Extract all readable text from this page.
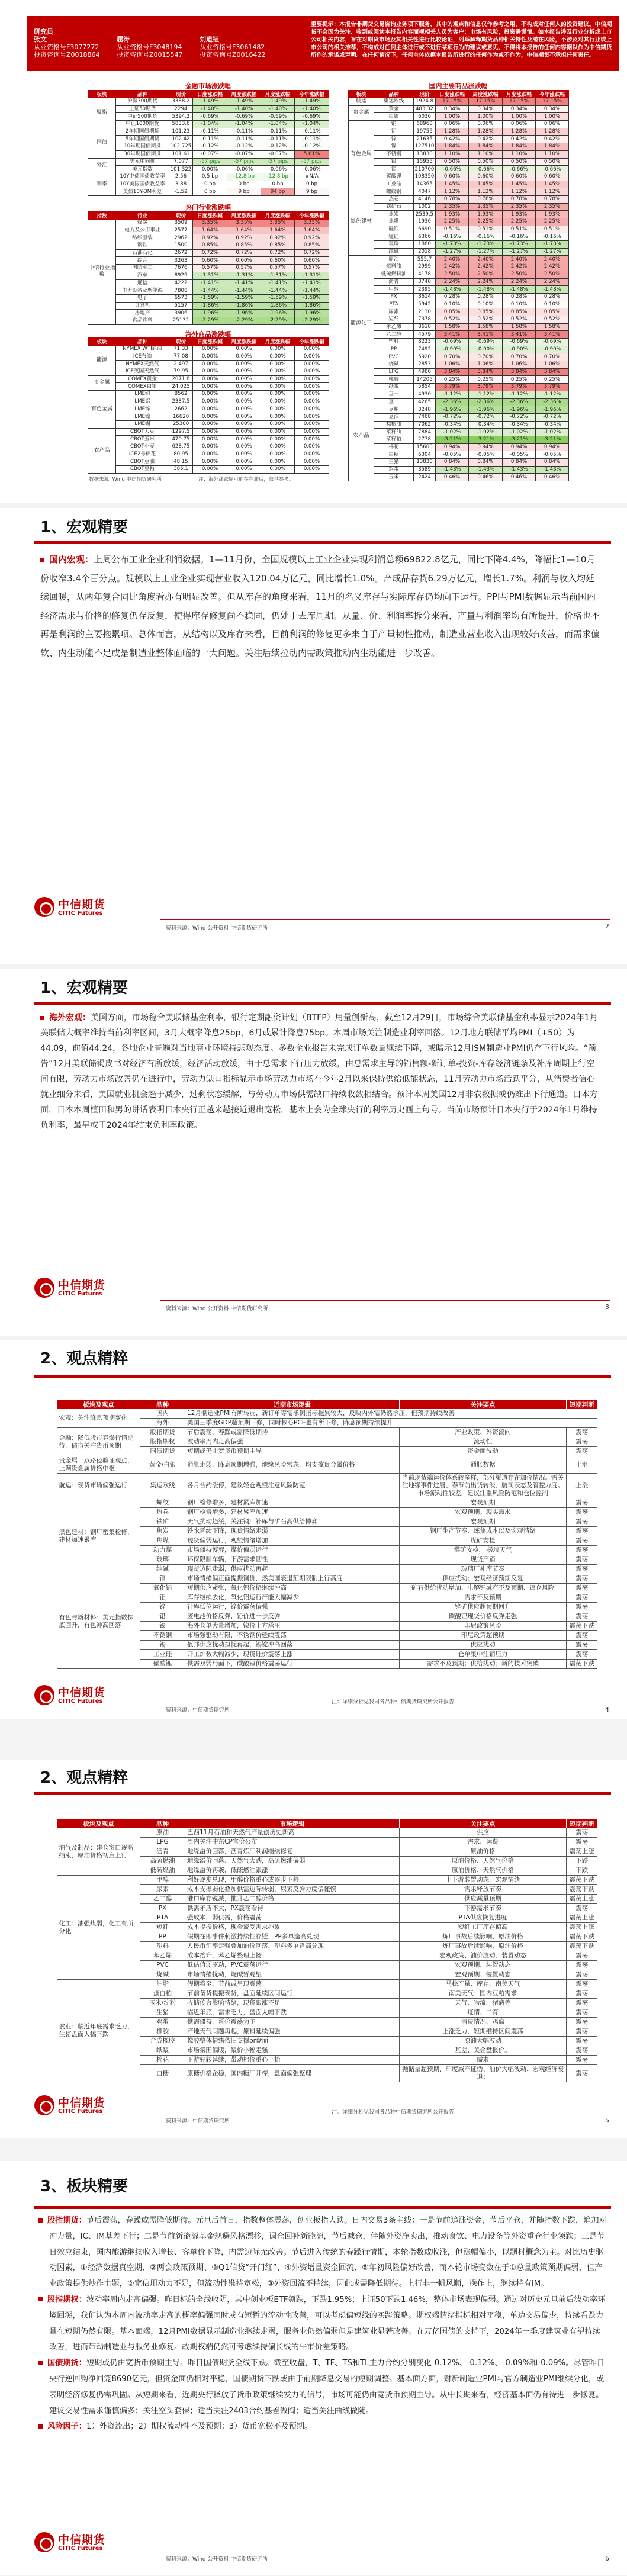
研究员
张文
从业资格号F3077272
投资咨询号Z0018864
屈涛
从业资格号F3048194
投资咨询号Z0015547
刘道钰
从业资格号F3061482
投资咨询号Z0016422
重要提示：本报告非期货交易咨询业务项下服务，其中的观点和信息仅作参考之用，不构成对任何人的投资建议。中信期货不会因为关注、收到或阅读本报告内容而视相关人员为客户；市场有风险，投资需谨慎。如本报告涉及行业分析或上市公司相关内容，旨在对期货市场及其相关性进行比较论证，列举解释期货品种相关特性及潜在风险，不涉及对其行业或上市公司的相关推荐，不构成对任何主体进行或不进行某项行为的建议或意见，不得将本报告的任何内容据以作为中信期货所作的承诺或声明。在任何情况下，任何主体依据本报告所进行的任何作为或不作为，中信期货不承担任何责任。
金融市场涨跌幅
板块	品种	现价	日度涨跌幅	周度涨跌幅	月度涨跌幅	今年涨跌幅
股指	沪深300期货	3388.2	-1.49%	-1.49%	-1.49%	-1.49%
	上证50期货	2294	-1.40%	-1.40%	-1.40%	-1.40%
	中证500期货	5394.2	-0.69%	-0.69%	-0.69%	-0.69%
	中证1000期货	5833.6	-1.04%	-1.04%	-1.04%	-1.04%
国债	2年期国债期货	101.23	-0.11%	-0.11%	-0.11%	-0.11%
	5年期国债期货	102.42	-0.11%	-0.11%	-0.11%	-0.11%
	10年期国债期货	102.725	-0.12%	-0.12%	-0.12%	-0.12%
	30年期国债期货	101.61	-0.07%	-0.07%	-0.07%	5.61%
外汇	美元中间价	7.077	-57 pips	-57 pips	-57 pips	-57 pips
	美元指数	101.322	0.00%	-0.06%	-0.06%	-0.06%
利率	10Y中债国债收益率	2.56	0.5 bp	-12.8 bp	-12.8 bp	#N/A
	10Y美国国债收益率	3.88	0 bp	0 bp	0 bp	0 bp
	美债10Y-3M利差	-1.52	0 bp	9 bp	94 bp	9 bp
热门行业涨跌幅
指数	行业	现价	日度涨跌幅	周度涨跌幅	月度涨跌幅	今年涨跌幅
中信行业指数	煤炭	3509	3.35%	3.35%	3.35%	3.35%
	电力及公用事业	2577	1.64%	1.64%	1.64%	1.64%
	纺织服装	2962	0.92%	0.92%	0.92%	0.92%
	钢铁	1500	0.85%	0.85%	0.85%	0.85%
	石油石化	2672	0.72%	0.72%	0.72%	0.72%
	综合	3263	0.60%	0.60%	0.60%	0.60%
	国防军工	7676	0.57%	0.57%	0.57%	0.57%
	汽车	8929	-1.31%	-1.31%	-1.31%	-1.31%
	通信	4222	-1.41%	-1.41%	-1.41%	-1.41%
	电力设备及新能源	7808	-1.44%	-1.44%	-1.44%	-1.44%
	电子	6573	-1.59%	-1.59%	-1.59%	-1.59%
	计算机	5157	-1.86%	-1.86%	-1.86%	-1.86%
	房地产	3906	-1.96%	-1.96%	-1.96%	-1.96%
	食品饮料	25132	-2.29%	-2.29%	-2.29%	-2.29%
海外商品涨跌幅
板块	品种	现价	日度涨跌幅	周度涨跌幅	月度涨跌幅	今年涨跌幅
能源	NYMEX WTI原油	71.33	0.00%	0.00%	0.00%	0.00%
	ICE布油	77.08	0.00%	0.00%	0.00%	0.00%
	NYMEX天然气	2.497	0.00%	0.00%	0.00%	0.00%
	ICE英国天然气	79.95	0.00%	0.00%	0.00%	0.00%
贵金属	COMEX黄金	2071.8	0.00%	0.00%	0.00%	0.00%
	COMEX白银	24.025	0.00%	0.00%	0.00%	0.00%
有色金属	LME铜	8562	0.00%	0.00%	0.00%	0.00%
	LME铝	2387.5	0.00%	0.00%	0.00%	0.00%
	LME锌	2662	0.00%	0.00%	0.00%	0.00%
	LME镍	16620	0.00%	0.00%	0.00%	0.00%
	LME锡	25300	0.00%	0.00%	0.00%	0.00%
农产品	CBOT大豆	1297.5	0.00%	0.00%	0.00%	0.00%
	CBOT玉米	470.75	0.00%	0.00%	0.00%	0.00%
	CBOT小麦	628.75	0.00%	0.00%	0.00%	0.00%
	ICE2号棉花	80.95	0.00%	0.00%	0.00%	0.00%
	CBOT豆油	48.15	0.00%	0.00%	0.00%	0.00%
	CBOT豆粕	386.1	0.00%	0.00%	0.00%	0.00%
数据来源: Wind 中信期货研究所	注：海外涨跌幅可能存在滞后，仅供参考。
国内主要商品涨跌幅
板块	品种	现价	日度涨跌幅	周度涨跌幅	月度涨跌幅	今年涨跌幅
航运	集运欧线	1924.8	17.15%	17.15%	17.15%	17.15%
贵金属	黄金	483.32	0.34%	0.34%	0.34%	0.34%
	白银	6036	1.00%	1.00%	1.00%	1.00%
有色金属	铜	68960	0.06%	0.06%	0.06%	0.06%
	铝	19755	1.28%	1.28%	1.28%	1.28%
	锌	21635	0.42%	0.42%	0.42%	0.42%
	镍	127510	1.84%	1.84%	1.84%	1.84%
	不锈钢	13830	1.10%	1.10%	1.10%	1.10%
	铅	15955	0.50%	0.50%	0.50%	0.50%
	锡	210700	-0.66%	-0.66%	-0.66%	-0.66%
	碳酸锂	108350	0.60%	0.60%	0.60%	0.60%
	工业硅	14365	1.45%	1.45%	1.45%	1.45%
黑色建材	螺纹钢	4047	1.12%	1.12%	1.12%	1.12%
	热卷	4146	0.78%	0.78%	0.78%	0.78%
	铁矿石	1002	2.35%	2.35%	2.35%	2.35%
	焦炭	2539.5	1.93%	1.93%	1.93%	1.93%
	焦煤	1930	2.25%	2.25%	2.25%	2.25%
	硅铁	6690	0.51%	0.51%	0.51%	0.51%
	锰硅	6366	-0.16%	-0.16%	-0.16%	-0.16%
	玻璃	1880	-1.73%	-1.73%	-1.73%	-1.73%
	纯碱	2018	-1.27%	-1.27%	-1.27%	-1.27%
能源化工	原油	555.7	2.40%	2.40%	2.40%	2.40%
	燃料油	2999	2.42%	2.42%	2.42%	2.42%
	低硫燃料油	4178	2.50%	2.50%	2.50%	2.50%
	沥青	3740	2.24%	2.24%	2.24%	2.24%
	甲醇	2395	-1.48%	-1.48%	-1.48%	-1.48%
	PX	8614	0.28%	0.28%	0.28%	0.28%
	PTA	5942	0.10%	0.10%	0.10%	0.10%
	尿素	2130	0.85%	0.85%	0.85%	0.85%
	短纤	7378	0.52%	0.52%	0.52%	0.52%
	苯乙烯	8618	1.58%	1.58%	1.58%	1.58%
	乙二醇	4579	3.41%	3.41%	3.41%	3.41%
	塑料	8223	-0.69%	-0.69%	-0.69%	-0.69%
	PP	7492	-0.90%	-0.90%	-0.90%	-0.90%
	PVC	5920	0.70%	0.70%	0.70%	0.70%
	烧碱	2853	1.06%	1.06%	1.06%	1.06%
	LPG	4980	3.84%	3.84%	3.84%	3.84%
	橡胶	14205	0.25%	0.25%	0.25%	0.25%
	纸浆	5854	3.79%	3.79%	3.79%	3.79%
农产品	豆一	4930	-1.12%	-1.12%	-1.12%	-1.12%
	豆二	4265	-2.36%	-2.36%	-2.36%	-2.36%
	豆粕	3248	-1.96%	-1.96%	-1.96%	-1.96%
	豆油	7468	-0.72%	-0.72%	-0.72%	-0.72%
	棕榈油	7062	-0.34%	-0.34%	-0.34%	-0.34%
	菜籽油	7884	-1.02%	-1.02%	-1.02%	-1.02%
	菜籽粕	2778	-3.21%	-3.21%	-3.21%	-3.21%
	棉花	15600	0.94%	0.94%	0.94%	0.94%
	白糖	6304	-0.05%	-0.05%	-0.05%	-0.05%
	生猪	13830	0.84%	0.84%	0.84%	0.84%
	鸡蛋	3589	-1.43%	-1.43%	-1.43%	-1.43%
	玉米	2424	0.46%	0.46%	0.46%	0.46%
1、宏观精要
国内宏观：上周公布工业企业利润数据。1—11月份，全国规模以上工业企业实现利润总额69822.8亿元，同比下降4.4%，降幅比1—10月份收窄3.4个百分点。规模以上工业企业实现营业收入120.04万亿元，同比增长1.0%。产成品存货6.29万亿元，增长1.7%。利润与收入均延续回暖，从两年复合同比角度看亦有明显改善。但从库存的角度来看，11月的名义库存与实际库存仍均向下运行。PPI与PMI数据显示当前国内经济需求与价格的修复仍存反复，使得库存修复尚不稳固，仍处于去库周期。从量、价、利润率拆分来看，产量与利润率均有所提升，价格也不再是利润的主要拖累项。总体而言，从结构以及库存来看，目前利润的修复更多来自于产量韧性推动，制造业营业收入出现较好改善，而需求偏软、内生动能不足或是制造业整体面临的一大问题。关注后续拉动内需政策推动内生动能进一步改善。
中信期货
CITIC Futures
资料来源：Wind 公开资料 中信期货研究所	2
1、宏观精要
海外宏观：美国方面，市场稳合美联储基金利率，银行定期融资计划（BTFP）用量创新高，截至12月29日，市场综合美联储基金利率显示2024年1月美联储大概率维持当前利率区间，3月大概率降息25bp，6月或累计降息75bp。本周市场关注制造业利率回落。12月地方联储平均PMI（+50）为44.09，前值44.24，各地企业普遍对当地商业环境持悲观态度。多数企业报告未完成订单数量继续下降，或暗示12月ISM制造业PMI仍存下行风险。“预告”12月美联储褐皮书对经济有所放缓，经济活动放缓，由于总需求下行压力放缓，由总需求主导的销售额-新订单-投资-库存经济链条及补库周期上行空间有限，劳动力市场改善仍在进行中，劳动力缺口指标显示市场劳动力市场在今年2月以来保持供给低能状态，11月劳动力市场活跃平分，从消费者信心就业细分来看，美国就业机会趋于减少，过剩状态缓解，与劳动力市场供需缺口持续收敛相结合。预计本周美国12月非农数据或仍难出下行通道。日本方面，日本本周植田和男的讲话表明日本央行正越来越接近退出宽松，基本上会为全球央行的利率历史画上句号。当前市场预计日本央行于2024年1月维持负利率，最早或于2024年结束负利率政策。
中信期货
CITIC Futures
资料来源：Wind 公开资料 中信期货研究所	3
2、观点精粹
板块及观点	品种	近期市场逻辑	关注要点	短期判断
宏观：关注降息预期变化	国内	12月制造业PMI有所转弱，新订单等需求侧指标拖累较大，反映内外需仍然承压，但预期持续改善		
	海外	美国三季度GDP超预期下修，同时核心PCE也有所下修，降息预期持续提升		
金融：降低股市春燥行情期待，债市关注货币预期	股指期货	节后震荡，春躁或需降低期待	产业政策、外资流向	震荡
	股指期权	波动率周内走高偏强	流动性	震荡
	国债期货	短期或仍由宽货币预期主导	资金面波动	震荡
贵金属：双路径验证观点，上调贵金属价格中枢	黄金/白银	通胀走弱，降息预期增强，地缘风险常态，均支撑贵金属价格	通胀数据	上涨
航运：现货市场偏强运行	集运欧线	各月合约涨停，建议轻仓观望注意风险防范	当前现货端运价体系较多样，部分渠道存在加价情况。需关注地缘事件进展、春节前出货转淡、航司表态及管控力度。市场流动性较差，建议注重风险防范和仓位控制	上涨
黑色建材：钢厂密集检修，建材加速累库	螺纹	钢厂检修增多，建材累库加速	宏观预期	震荡
	热卷	钢厂检修增多，建材累库加速	宏观预期。现实需求	震荡
	铁矿	天气扰动趋缓，关注钢厂补库与矿石高供给博弈	宏观预期	震荡
	焦炭	铁水延续下降，现货情绪走弱	钢厂生产节奏、炼焦成本以及宏观情绪	震荡
	焦煤	现货偏弱运行，观望情绪增加	煤矿安检	震荡
	动力煤	市场僵持博弈，煤价偏弱运行	煤矿安检， 极端天气	震荡
	玻璃	环保限制车辆，下游需求韧性	现货产销	震荡
	纯碱	现货边际走弱，供应扰动再起	玻璃厂补库节奏	震荡
有色与新材料：美元指数探底回升，有色冲高回落	铜	市场情绪偏正面提振铜价，然美国衰退预期限制上行高度	供应扰动；宏观经济预期反复	震荡
	氧化铝	短期供应紧张，氧化铝价格继续冲高	矿石供给扰动增加、电解铝减产不及预期、逼仓风险	震荡
	铝	库存继续去化，氧化铝运行产能大幅减少	需求不及预期	震荡
	锌	社库低位运行，锌价震荡偏强	锌矿供应超预期回升	震荡
	铅	废电池价格反弹，铅价进一步反弹	碳酸锂现货价格反弹走强	震荡
	镍	海外仓单大量增加，镍价上方承压	印尼政策风险	震荡下跌
	不锈钢	市场强驱动有限，不锈钢价延续震荡	印尼政策超预期	震荡
	锡	佤邦供应扰动担忧再起，锡锭冲高回落	供应扰动	震荡
	工业硅	开工炉数大幅减少，现货硅价震荡上涨	仓单集中注销压力	震荡
	碳酸锂	供需双弱局面下，碳酸锂价格震荡运行	需求不及预期；供给扰动；新的技术突破	震荡下跌
中信期货
CITIC Futures
资料来源：中信期货研究所
注：详细分析见我司各品种中信期货研究所公开报告
4
2、观点精粹
板块及观点	品种	市场逻辑	关注要点	短期判断
油气及制品：建仓窗口逐渐结束，原油价格初启上行	原油	巴西11月石油和天然气产量创历史新高	供应	震荡
	LPG	周内关注中东CP官价公布	需求、运费	震荡
	沥青	地缘溢价回落，沥青炼厂利润继续修复	原油价格	震荡上涨
	高硫燃油	地缘溢价回落、天然气大跌，高硫燃油偏弱	原油价格、天然气价格	下跌
	低硫燃油	地缘溢价再袭，低硫燃油跟涨	原油价格、天然气价格	下跌
化工：油强煤弱，化工有所分化	甲醇	利好逐步兑现，甲醇价格重心或逐步下移	上下游装置动态，宏观情绪	震荡下跌
	尿素	成本支撑弱化叠加供需边际转弱，尿素反弹力度偏谨慎	需求释放节奏	震荡下跌
	乙二醇	港口库存锐减，推升乙二醇价格	供应减量预期	震荡上涨
	PX	供需矛盾不大，PX震荡看待	下游需求节奏	震荡
	PTA	强成本，弱供需，价格震荡	PTA供应恢复进度	震荡上涨
	短纤	成本提振价格，现金流受需求拖累	短纤工厂库存偏高	震荡上涨
	PP	假期在即事件刺激持续性存疑，PP多单逢高兑现	炼厂事故后续影响、原油价格	震荡下跌
	塑料	人民币汇率走强叠加油价回落，塑料多单逢高兑现	炼厂事故后续影响、原油价格	震荡下跌
	苯乙烯	成本抬升，苯乙烯整理上扬	宏观政策、油价波动、装置动态	震荡
	PVC	低估值弱驱动，PVC震荡运行	宏观预期、装置动态	震荡
	烧碱	市场情绪扰动，烧碱暂观望	宏观预期、装置动态	震荡
农业：临近年底需求乏力，生猪盘面大幅下跌	油脂	假期将至，节前或呈现震荡	马棕产量、库存，南美天气	震荡
	蛋白粕	节前备货提振现货，盘面延续区间运行	南美天气；国内豆粕需求	震荡
	玉米/淀粉	收储传言影响情绪，现货跟涨不足	天气、物流，猪病等	震荡
	生猪	临近年底，需求乏力，盘面大幅下跌	疫情、二育	震荡
	鸡蛋	供需僵持，蛋价震荡为主	消费情况、鸡瘟	震荡
	橡胶	产地天气问题再起，原料延续偏强	上涨乏力，短期维持区间震荡	震荡
	合成橡胶	橡胶整体情绪依旧支撑br盘面	原油大幅波动	震荡
	纸浆	市场氛围偏暖，浆价小幅走强	基差、美金盘报价。	震荡
	棉花	下游好转延续，带动棉价重心上抬	需求	震荡
	白糖	原糖价格企稳，国内糖厂开榨，盘面偏强整理	抛储量超预期、印度减产证伪、油价大幅波动、宏观经济衰退；	震荡
中信期货
CITIC Futures
资料来源：中信期货研究所
注：详细分析见我司各品种中信期货研究所公开报告
5
3、板块精要

股指期货：节后震荡，春躁或需降低期待。元旦后首日，指数整体震荡，创业板指大跌。日内交易3条主线：一是节前追涨资金，节后平仓，并随指数下跌，追加对冲力量，IC、IM基差下行；二是节前新能源基金规避风格漂移，调仓回补新能源，节后减仓，伴随外资净卖出，推动食饮、电力设备等外资重仓行业领跌；三是节日效应结束，国内旅游继续收入增长、客单价下降，内需边际无改善。节后进入传统的春躁行情期，本轮指数或收涨，但涨幅偏小，以题材概念为主。对比历史驱动因素，①经济数据真空期、②两会政策预期、③Q1信贷“开门红”、④外资增量资金回流、⑤年初风险偏好改善，而本轮市场变数在于①总量政策预期偏弱，但产业政策提供炒作主题，②宽信用动力不足，但流动性维持宽松，③外资回流不持续，因此或需降低期待。上行非一帆风顺，操作上，继续持有IM。

股指期权：波动率周内走高偏强。昨日标的全线收阴，其中创业板ETF领跌，下跌1.95%；上证50下跌1.46%，整体市场表现偏弱。通过对历史元旦前后波动率环境回溯，我们认为本周内波动率走高的概率偏强同时或有短暂的流动性改善，可以考虑偏短线的买跨策略。期权端情绪指标相对平稳，单边交易偏少，持续看跌力量在短期仍然有限。基本面端，12月PMI数据显示制造业继续走弱，服务业仍然偏弱但是建筑业显著改善。在万亿国债的支持下，2024年一季度建筑业有望持续改善，进而带动制造业与服务业修复。故期权端仍然可考虑续持偏长线的牛市价差策略。

国债期货：短期或仍由宽货币预期主导。昨日国债期货全线下跌。截至收盘，T、TF、TS和TL主力合约分别变化-0.12%、-0.12%、-0.09%和-0.09%。尽管昨日央行逆回购净回笼8690亿元，但资金面仍相对平稳，国债期货下跌或由于前期降息交易的短期调整。基本面方面，财新制造业PMI与官方制造业PMI继续分化，或表明经济修复仍需巩固。从短期来看，近期央行释放了货币政策继续发力的信号，市场可能仍由宽货币预期主导。从中长期来看，经济基本面仍有待进一步修复。建议交易性需求谨慎偏多；关注空头套保；适当关注2403合约基差做阔；适当关注曲线做陡。

风险因子：1）外资流出；2）期权流动性不及预期；3）货币宽松不及预期。

中信期货
CITIC Futures
资料来源：Wind 公开资料 中信期货研究所	6
